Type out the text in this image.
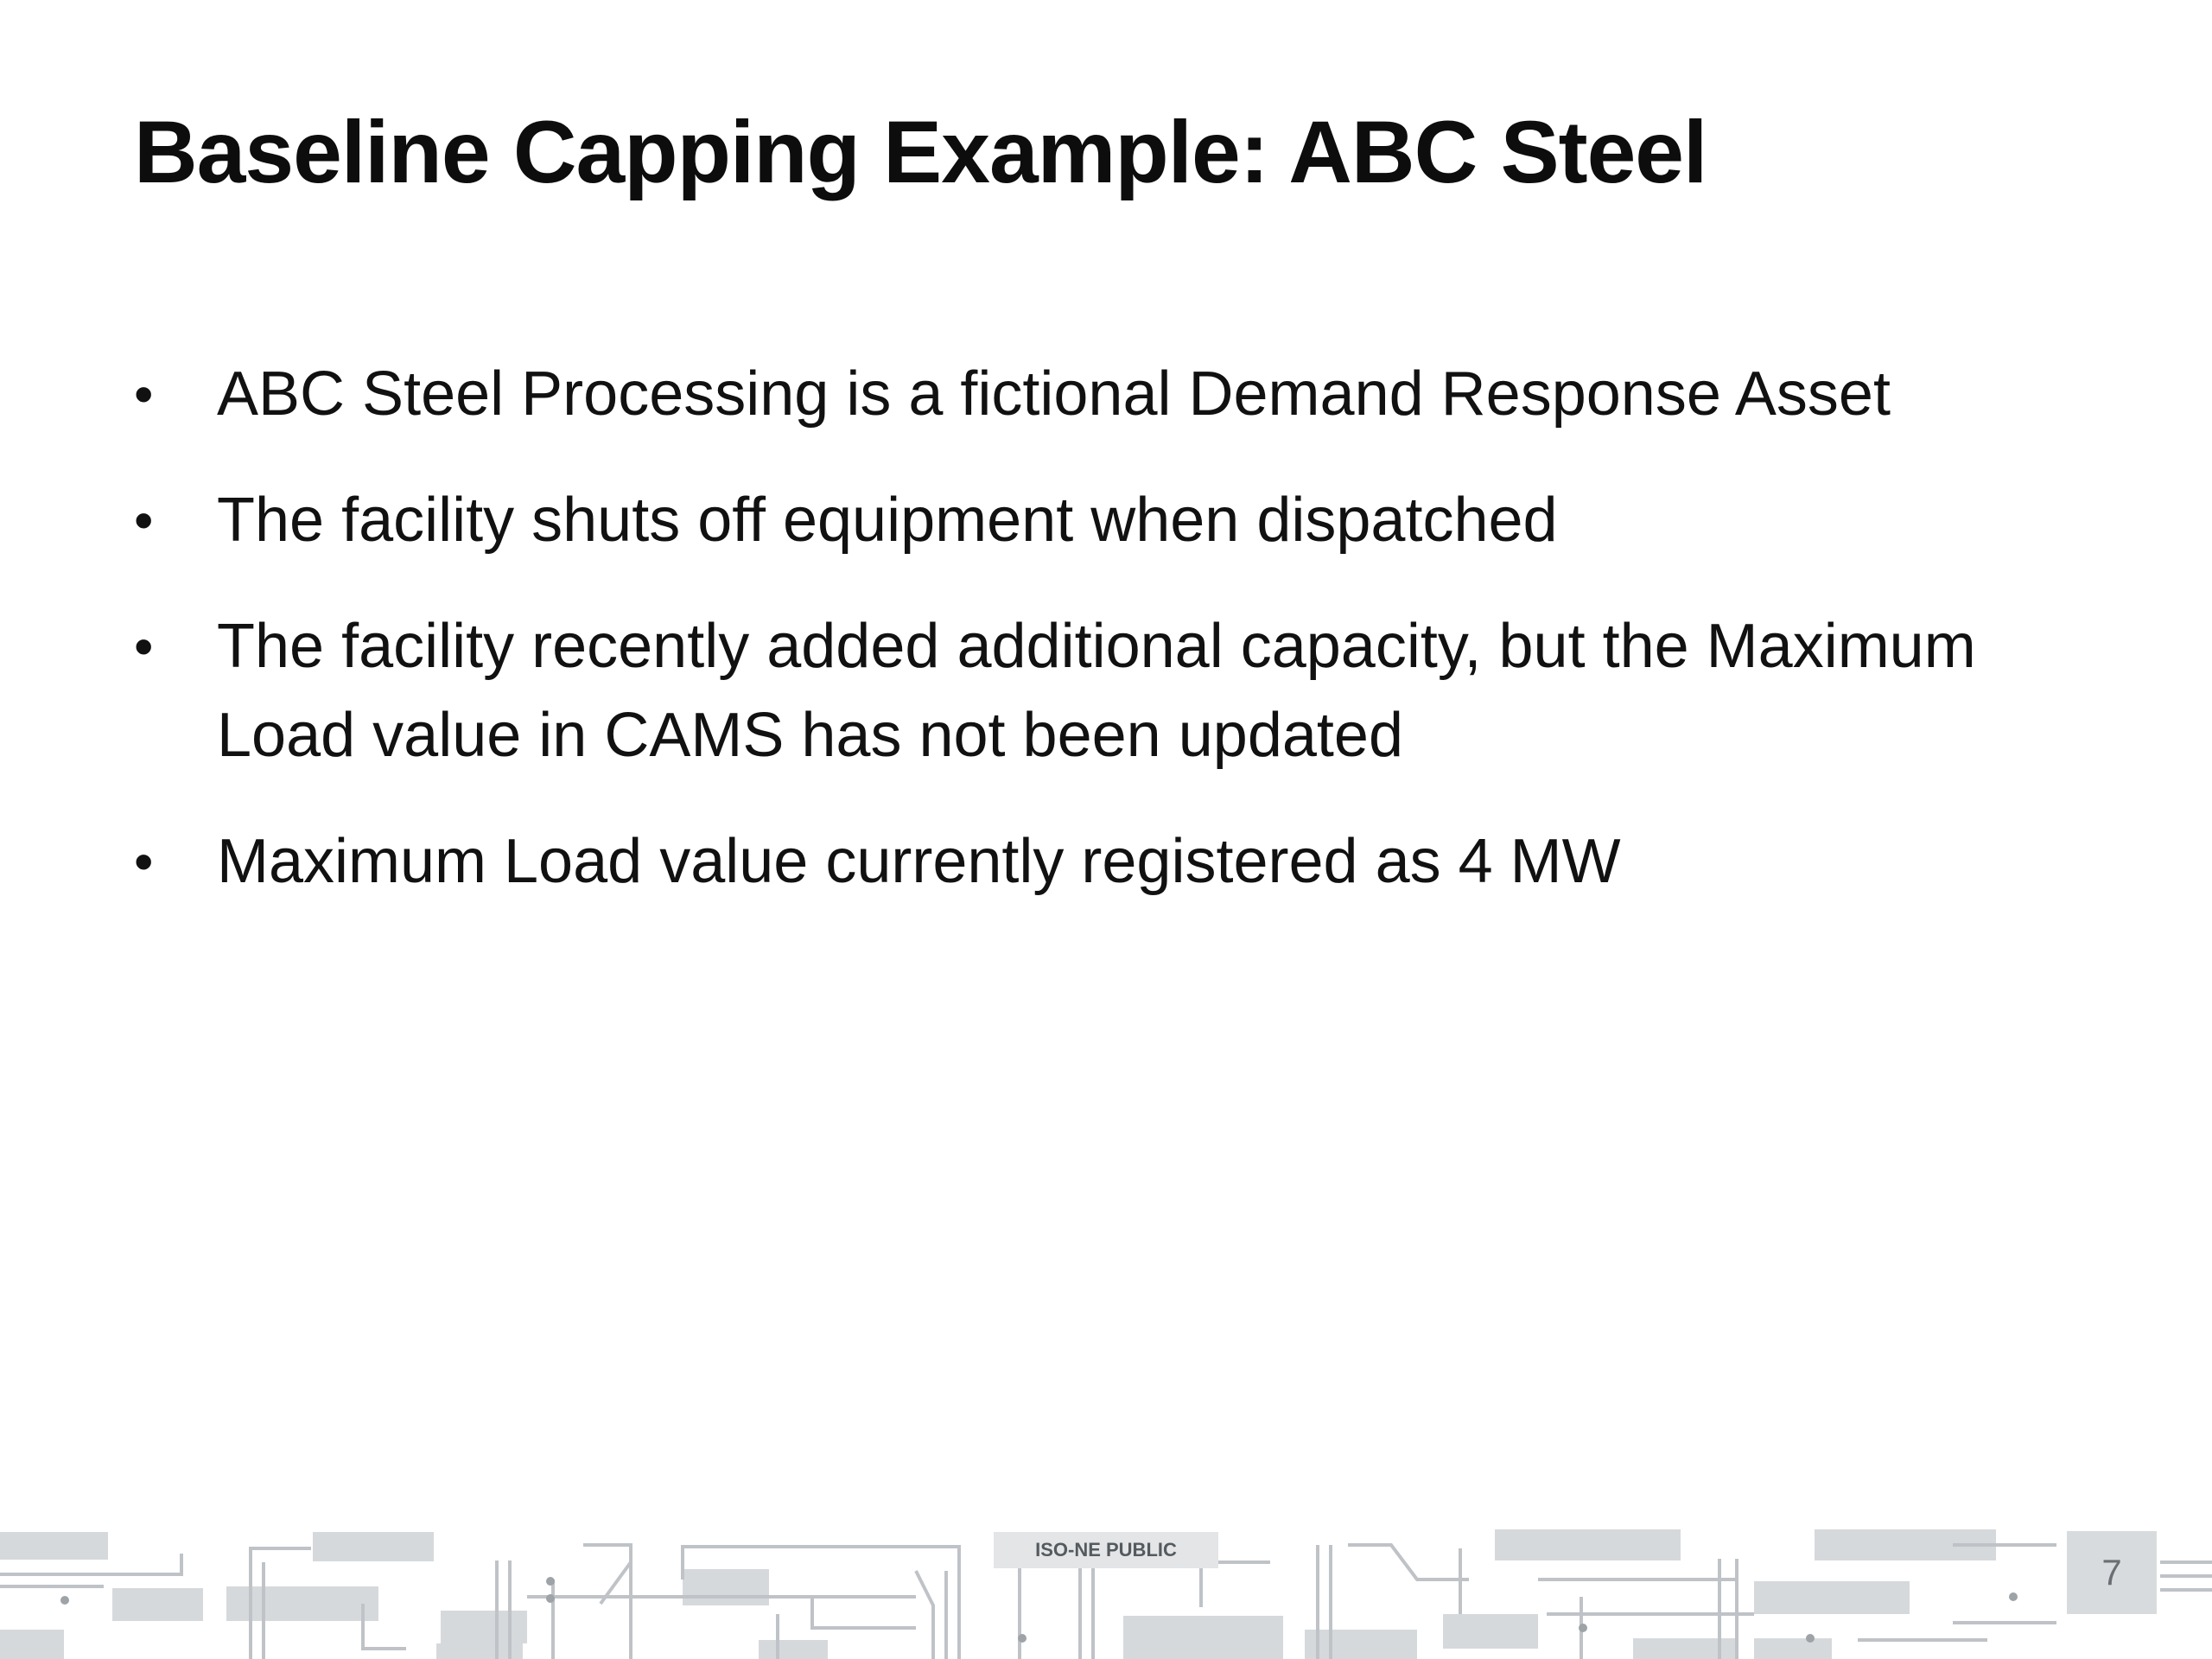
Baseline Capping Example: ABC Steel
•	ABC Steel Processing is a fictional Demand Response Asset
•	The facility shuts off equipment when dispatched
•	The facility recently added additional capacity, but the Maximum Load value in CAMS has not been updated
•	Maximum Load value currently registered as 4 MW
ISO-NE PUBLIC
7
